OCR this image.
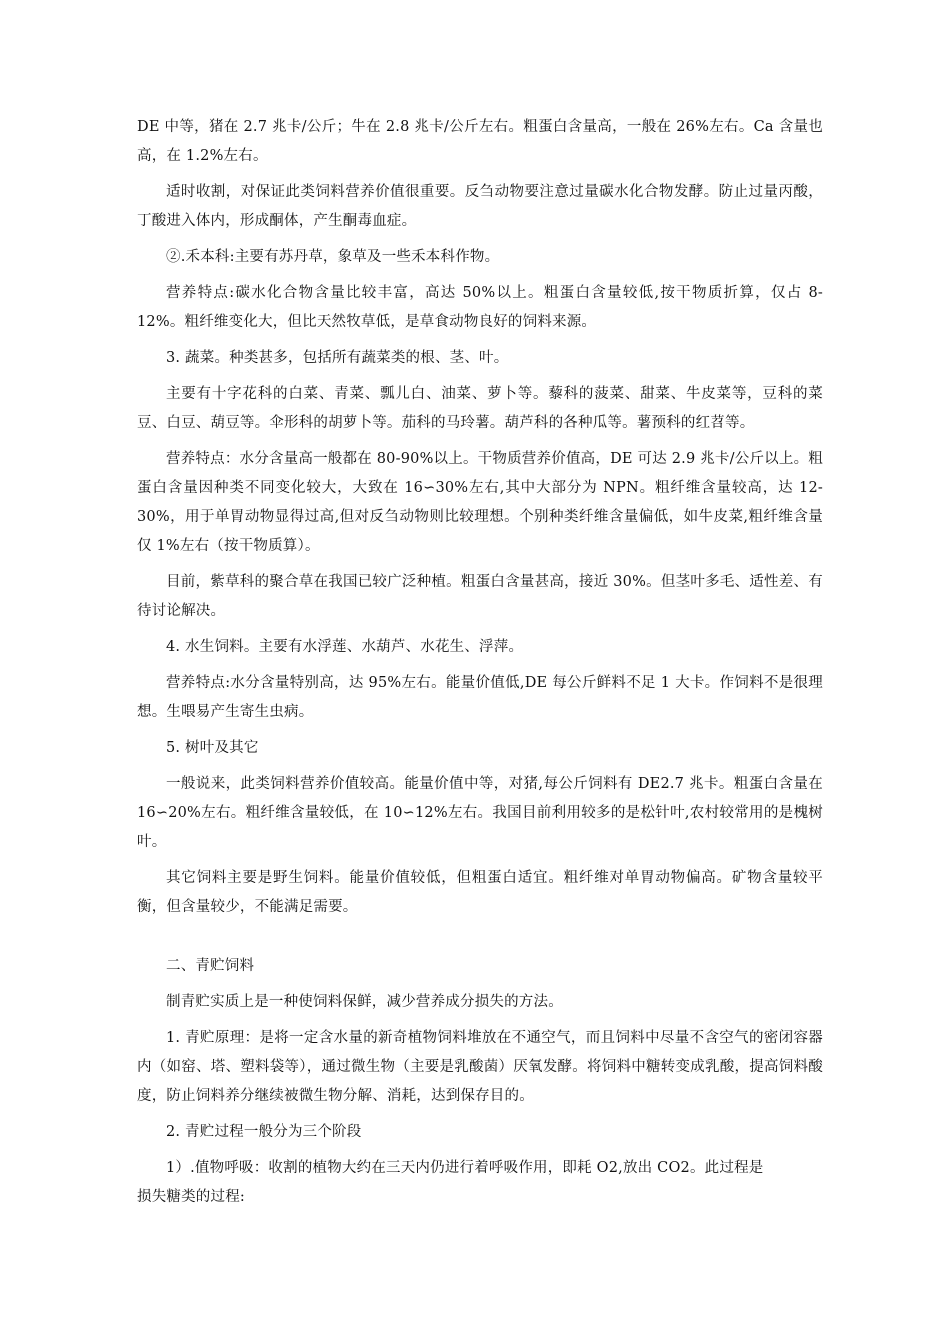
DE 中等，猪在 2.7 兆卡/公斤；牛在 2.8 兆卡/公斤左右。粗蛋白含量高，一般在 26%左右。Ca 含量也高，在 1.2%左右。

适时收割，对保证此类饲料营养价值很重要。反刍动物要注意过量碳水化合物发酵。防止过量丙酸，丁酸进入体内，形成酮体，产生酮毒血症。

②.禾本科:主要有苏丹草，象草及一些禾本科作物。

营养特点:碳水化合物含量比较丰富，高达 50%以上。粗蛋白含量较低,按干物质折算，仅占 8-12%。粗纤维变化大，但比天然牧草低，是草食动物良好的饲料来源。

3. 蔬菜。种类甚多，包括所有蔬菜类的根、茎、叶。

主要有十字花科的白菜、青菜、瓢儿白、油菜、萝卜等。藜科的菠菜、甜菜、牛皮菜等，豆科的菜豆、白豆、葫豆等。伞形科的胡萝卜等。茄科的马玲薯。葫芦科的各种瓜等。薯预科的红苕等。

营养特点：水分含量高一般都在 80-90%以上。干物质营养价值高，DE 可达 2.9 兆卡/公斤以上。粗蛋白含量因种类不同变化较大，大致在 16∽30%左右,其中大部分为 NPN。粗纤维含量较高，达 12-30%，用于单胃动物显得过高,但对反刍动物则比较理想。个别种类纤维含量偏低，如牛皮菜,粗纤维含量仅 1%左右（按干物质算）。

目前，紫草科的聚合草在我国已较广泛种植。粗蛋白含量甚高，接近 30%。但茎叶多毛、适性差、有待讨论解决。

4. 水生饲料。主要有水浮莲、水葫芦、水花生、浮萍。

营养特点:水分含量特别高，达 95%左右。能量价值低,DE 每公斤鲜料不足 1 大卡。作饲料不是很理想。生喂易产生寄生虫病。

5. 树叶及其它

一般说来，此类饲料营养价值较高。能量价值中等，对猪,每公斤饲料有 DE2.7 兆卡。粗蛋白含量在 16∽20%左右。粗纤维含量较低，在 10∽12%左右。我国目前利用较多的是松针叶,农村较常用的是槐树叶。

其它饲料主要是野生饲料。能量价值较低，但粗蛋白适宜。粗纤维对单胃动物偏高。矿物含量较平衡，但含量较少，不能满足需要。

二、青贮饲料

制青贮实质上是一种使饲料保鲜，减少营养成分损失的方法。

1. 青贮原理：是将一定含水量的新奇植物饲料堆放在不通空气，而且饲料中尽量不含空气的密闭容器内（如窑、塔、塑料袋等），通过微生物（主要是乳酸菌）厌氧发酵。将饲料中糖转变成乳酸，提高饲料酸度，防止饲料养分继续被微生物分解、消耗，达到保存目的。

2. 青贮过程一般分为三个阶段

1）.值物呼吸：收割的植物大约在三天内仍进行着呼吸作用，即耗 O2,放出 CO2。此过程是

损失糖类的过程:
